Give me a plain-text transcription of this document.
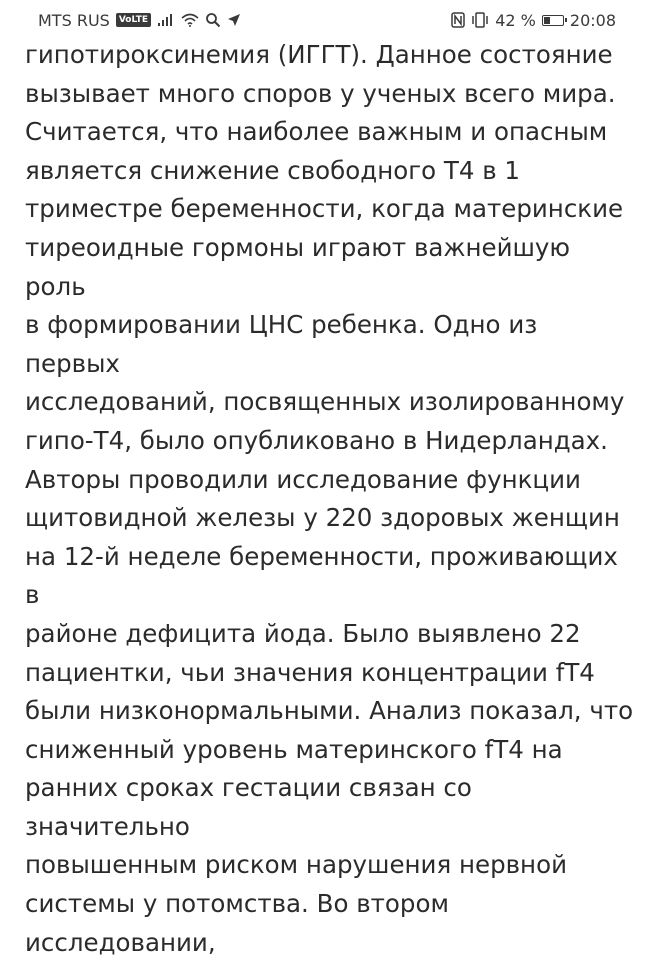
MTS RUS	VoLTE	42 % 20:08

гипотироксинемия (ИГГТ). Данное состояние
вызывает много споров у ученых всего мира.
Считается, что наиболее важным и опасным
является снижение свободного Т4 в 1
триместре беременности, когда материнские
тиреоидные гормоны играют важнейшую роль
в формировании ЦНС ребенка. Одно из первых
исследований, посвященных изолированному
гипо-Т4, было опубликовано в Нидерландах.
Авторы проводили исследование функции
щитовидной железы у 220 здоровых женщин
на 12-й неделе беременности, проживающих в
районе дефицита йода. Было выявлено 22
пациентки, чьи значения концентрации fT4
были низконормальными. Анализ показал, что
сниженный уровень материнского fT4 на
ранних сроках гестации связан со значительно
повышенным риском нарушения нервной
системы у потомства. Во втором исследовании,
